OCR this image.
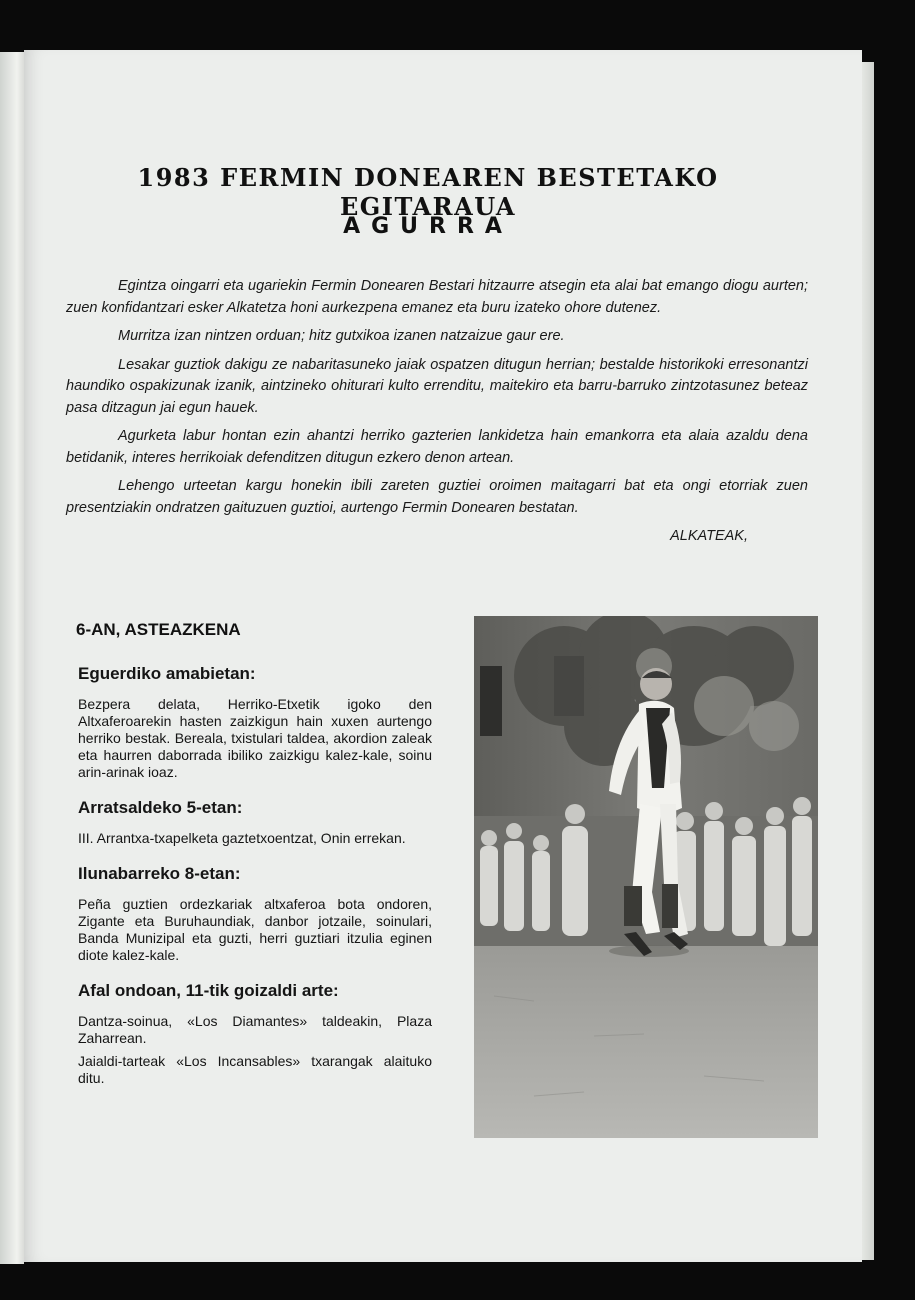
1983 FERMIN DONEAREN BESTETAKO EGITARAUA
AGURRA

Egintza oingarri eta ugariekin Fermin Donearen Bestari hitzaurre atsegin eta alai bat emango diogu aurten; zuen konfidantzari esker Alkatetza honi aurkezpena emanez eta buru izateko ohore dutenez.

Murritza izan nintzen orduan; hitz gutxikoa izanen natzaizue gaur ere.

Lesakar guztiok dakigu ze nabaritasuneko jaiak ospatzen ditugun herrian; bestalde historikoki erresonantzi haundiko ospakizunak izanik, aintzineko ohiturari kulto errenditu, maitekiro eta barru-barruko zintzotasunez beteaz pasa ditzagun jai egun hauek.

Agurketa labur hontan ezin ahantzi herriko gazterien lankidetza hain emankorra eta alaia azaldu dena betidanik, interes herrikoiak defenditzen ditugun ezkero denon artean.

Lehengo urteetan kargu honekin ibili zareten guztiei oroimen maitagarri bat eta ongi etorriak zuen presentziakin ondratzen gaituzuen guztioi, aurtengo Fermin Donearen bestatan.

ALKATEAK,

6-AN, ASTEAZKENA
Eguerdiko amabietan:

Bezpera delata, Herriko-Etxetik igoko den Altxaferoarekin hasten zaizkigun hain xuxen aurtengo herriko bestak. Bereala, txistulari taldea, akordion zaleak eta haurren daborrada ibiliko zaizkigu kalez-kale, soinu arin-arinak ioaz.

Arratsaldeko 5-etan:

III. Arrantxa-txapelketa gaztetxoentzat, Onin errekan.

Ilunabarreko 8-etan:

Peña guztien ordezkariak altxaferoa bota ondoren, Zigante eta Buruhaundiak, danbor jotzaile, soinulari, Banda Munizipal eta guzti, herri guztiari itzulia eginen diote kalez-kale.

Afal ondoan, 11-tik goizaldi arte:

Dantza-soinua, «Los Diamantes» taldeakin, Plaza Zaharrean.

Jaialdi-tarteak «Los Incansables» txarangak alaituko ditu.
